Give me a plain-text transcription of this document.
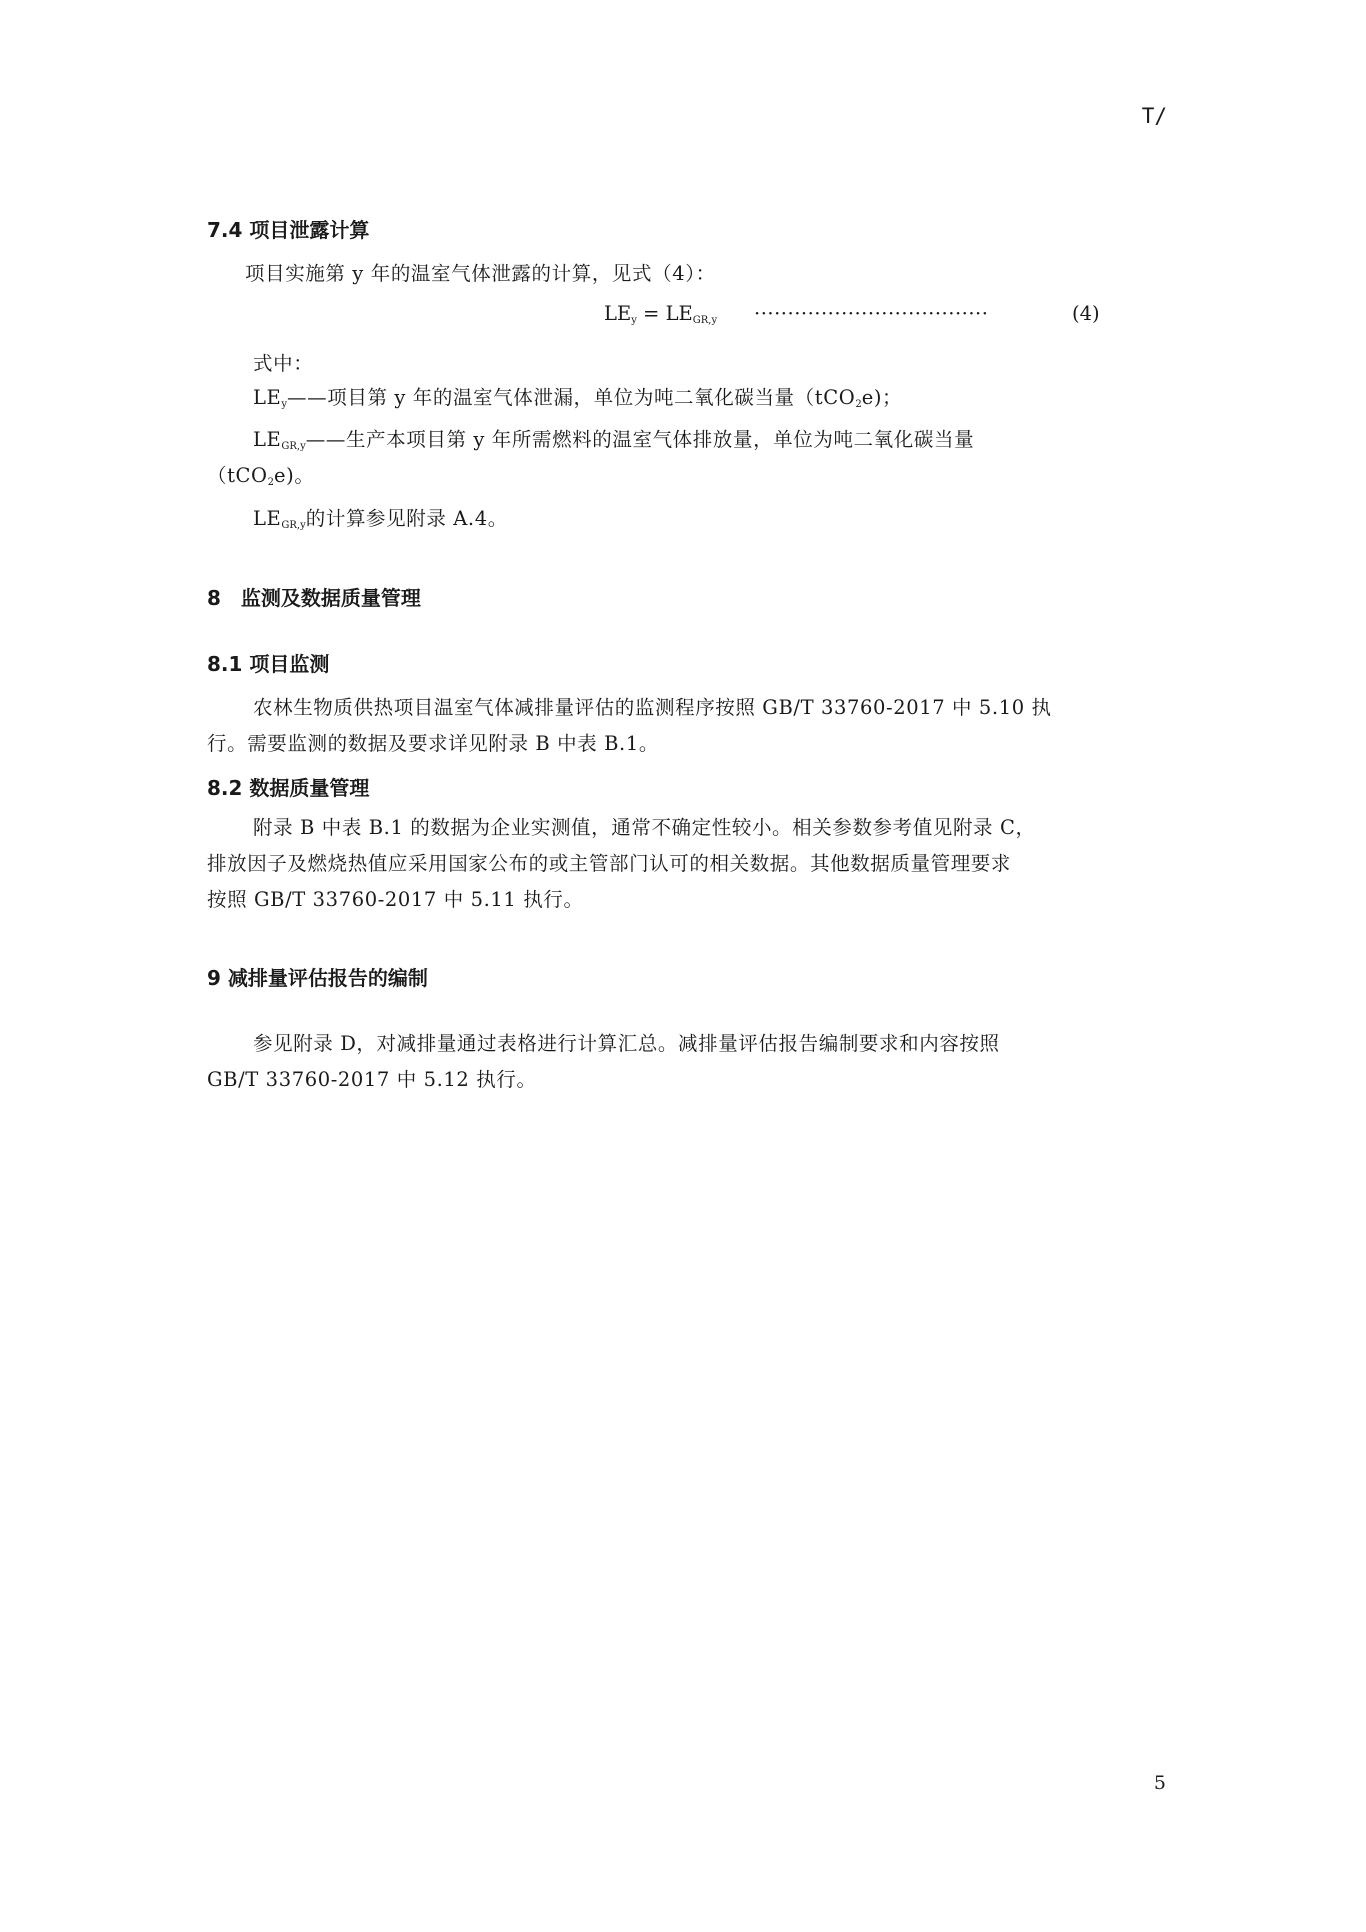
T/
7.4 项目泄露计算
项目实施第 y 年的温室气体泄露的计算，见式（4）：
$LE_y = LE_{GR,y}$ ···································	(4)
式中：
$LE_y——$项目第 y 年的温室气体泄漏，单位为吨二氧化碳当量（tCO$_2$e)；
$LE_{GR,y}——$生产本项目第 y 年所需燃料的温室气体排放量，单位为吨二氧化碳当量
（tCO$_2$e)。
$LE_{GR,y}$的计算参见附录 A.4。
8　监测及数据质量管理
8.1 项目监测
农林生物质供热项目温室气体减排量评估的监测程序按照 GB/T 33760-2017 中 5.10 执
行。需要监测的数据及要求详见附录 B 中表 B.1。
8.2 数据质量管理
附录 B 中表 B.1 的数据为企业实测值，通常不确定性较小。相关参数参考值见附录 C，
排放因子及燃烧热值应采用国家公布的或主管部门认可的相关数据。其他数据质量管理要求
按照 GB/T 33760-2017 中 5.11 执行。
9 减排量评估报告的编制
参见附录 D，对减排量通过表格进行计算汇总。减排量评估报告编制要求和内容按照
GB/T 33760-2017 中 5.12 执行。
5
